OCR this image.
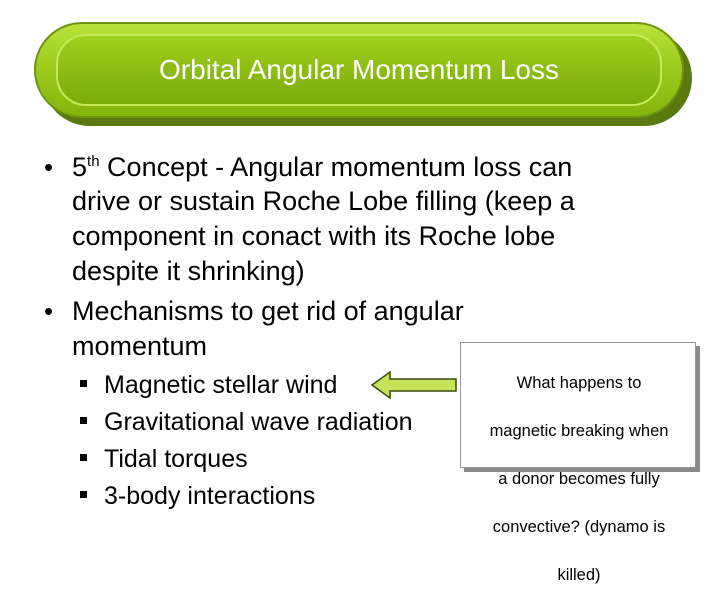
Orbital Angular Momentum Loss
• 5th Concept - Angular momentum loss can
drive or sustain Roche Lobe filling (keep a
component in conact with its Roche lobe
despite it shrinking)
• Mechanisms to get rid of angular
momentum
Magnetic stellar wind
Gravitational wave radiation
Tidal torques
3-body interactions

What happens to

magnetic breaking when

a donor becomes fully

convective? (dynamo is

killed)
